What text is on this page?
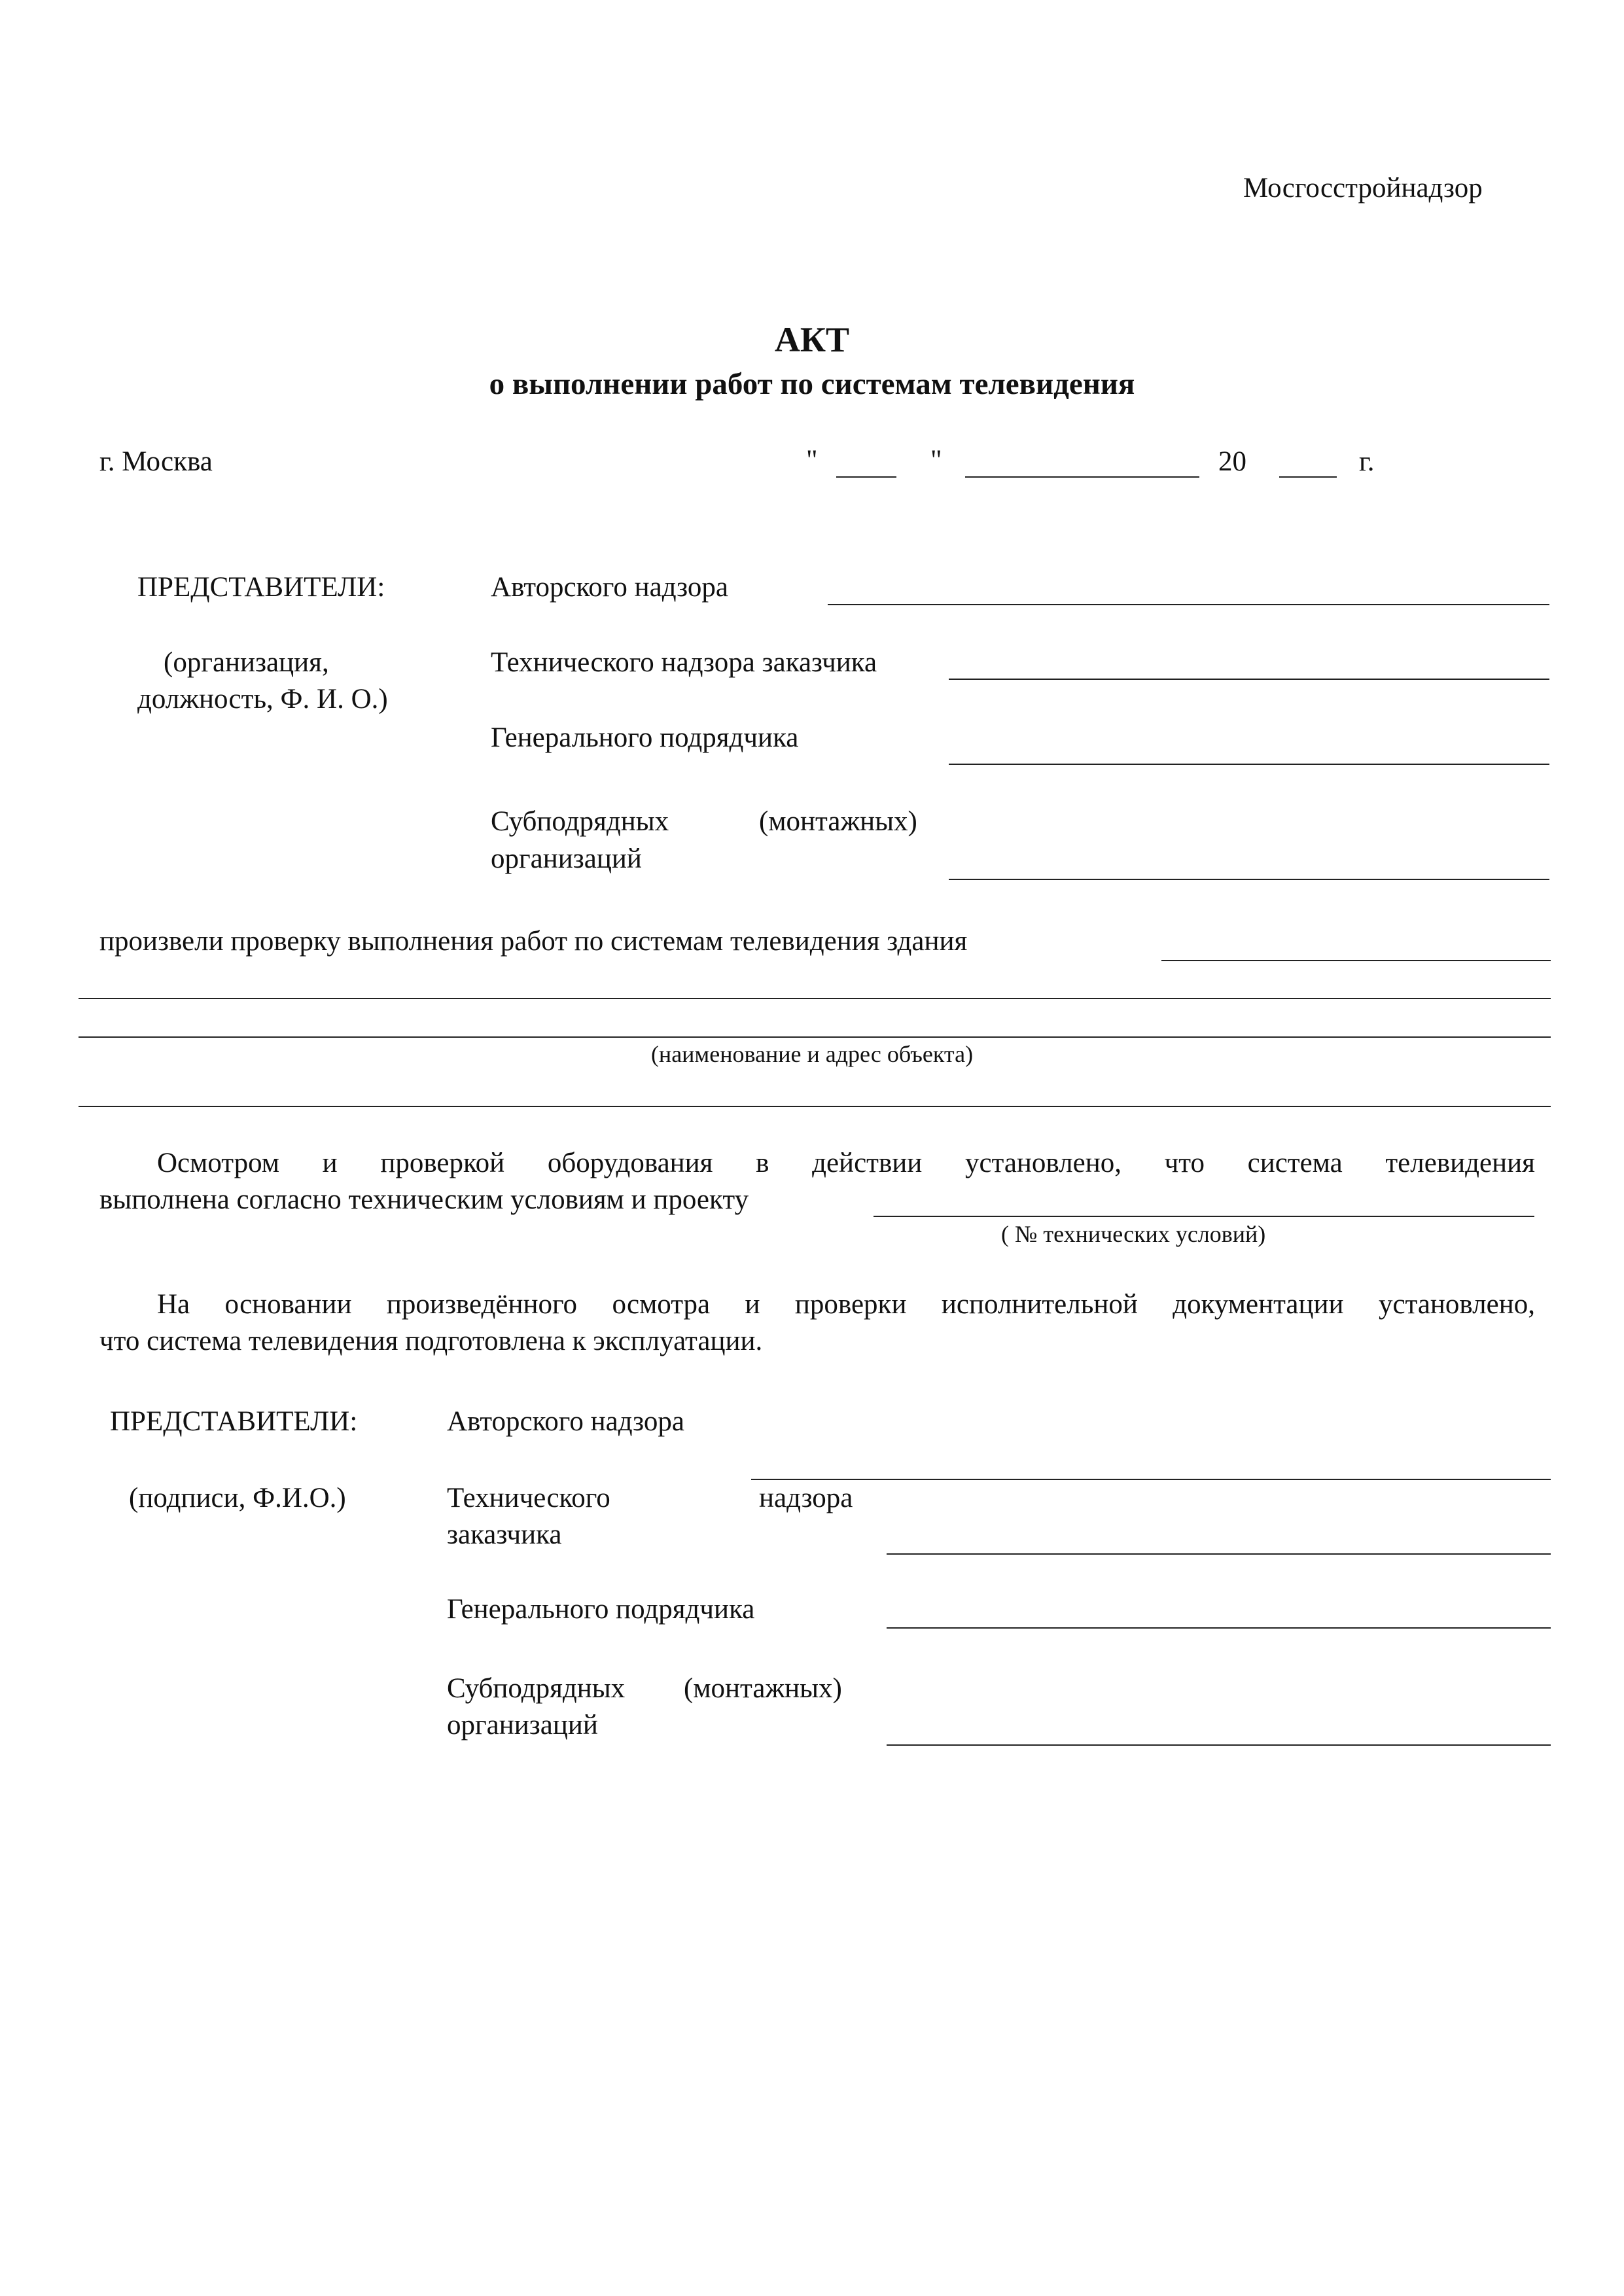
Мосгосстройнадзор
АКТ
о выполнении работ по системам телевидения
г. Москва	"	"	20	г.
ПРЕДСТАВИТЕЛИ:
(организация,
должность, Ф. И. О.)
Авторского надзора
Технического надзора заказчика
Генерального подрядчика
Субподрядных	(монтажных)
организаций
произвели проверку выполнения работ по системам телевидения здания
(наименование и адрес объекта)
Осмотром и проверкой оборудования в действии установлено, что система телевидения
выполнена согласно техническим условиям и проекту
( № технических условий)
На основании произведённого осмотра и проверки исполнительной документации установлено,
что система телевидения подготовлена к эксплуатации.
ПРЕДСТАВИТЕЛИ:
(подписи, Ф.И.О.)
Авторского надзора
Технического	надзора
заказчика
Генерального подрядчика
Субподрядных (монтажных)
организаций
